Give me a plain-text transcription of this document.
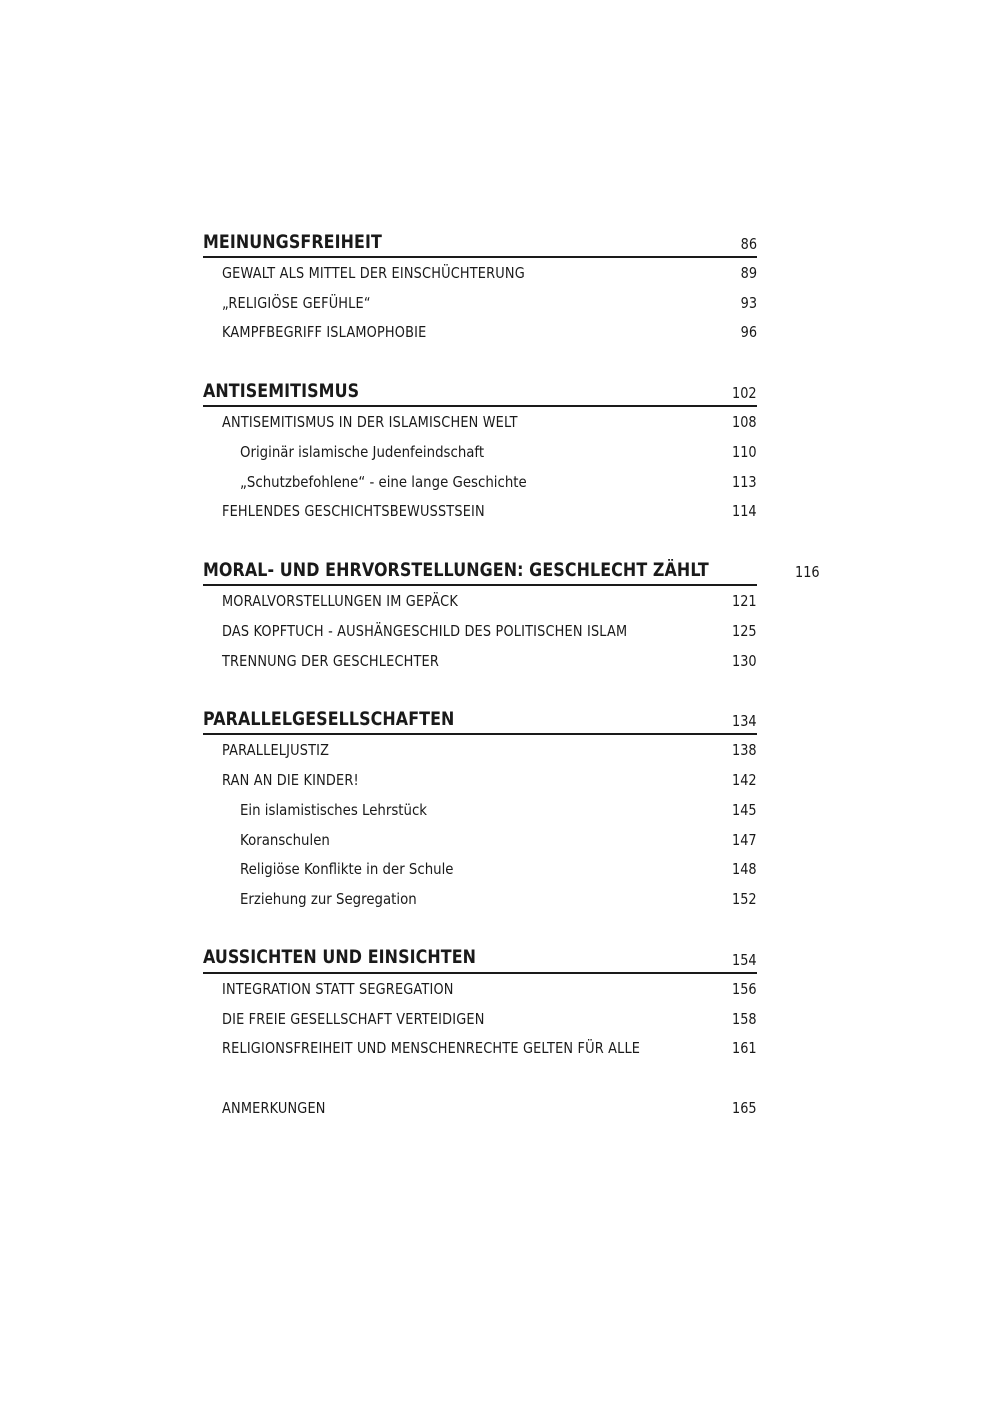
MEINUNGSFREIHEIT	86
GEWALT ALS MITTEL DER EINSCHÜCHTERUNG	89
„RELIGIÖSE GEFÜHLE“	93
KAMPFBEGRIFF ISLAMOPHOBIE	96
ANTISEMITISMUS	102
ANTISEMITISMUS IN DER ISLAMISCHEN WELT	108
Originär islamische Judenfeindschaft	110
„Schutzbefohlene“ - eine lange Geschichte	113
FEHLENDES GESCHICHTSBEWUSSTSEIN	114
MORAL- UND EHRVORSTELLUNGEN: GESCHLECHT ZÄHLT	116
MORALVORSTELLUNGEN IM GEPÄCK	121
DAS KOPFTUCH - AUSHÄNGESCHILD DES POLITISCHEN ISLAM	125
TRENNUNG DER GESCHLECHTER	130
PARALLELGESELLSCHAFTEN	134
PARALLELJUSTIZ	138
RAN AN DIE KINDER!	142
Ein islamistisches Lehrstück	145
Koranschulen	147
Religiöse Konflikte in der Schule	148
Erziehung zur Segregation	152
AUSSICHTEN UND EINSICHTEN	154
INTEGRATION STATT SEGREGATION	156
DIE FREIE GESELLSCHAFT VERTEIDIGEN	158
RELIGIONSFREIHEIT UND MENSCHENRECHTE GELTEN FÜR ALLE	161
ANMERKUNGEN	165
